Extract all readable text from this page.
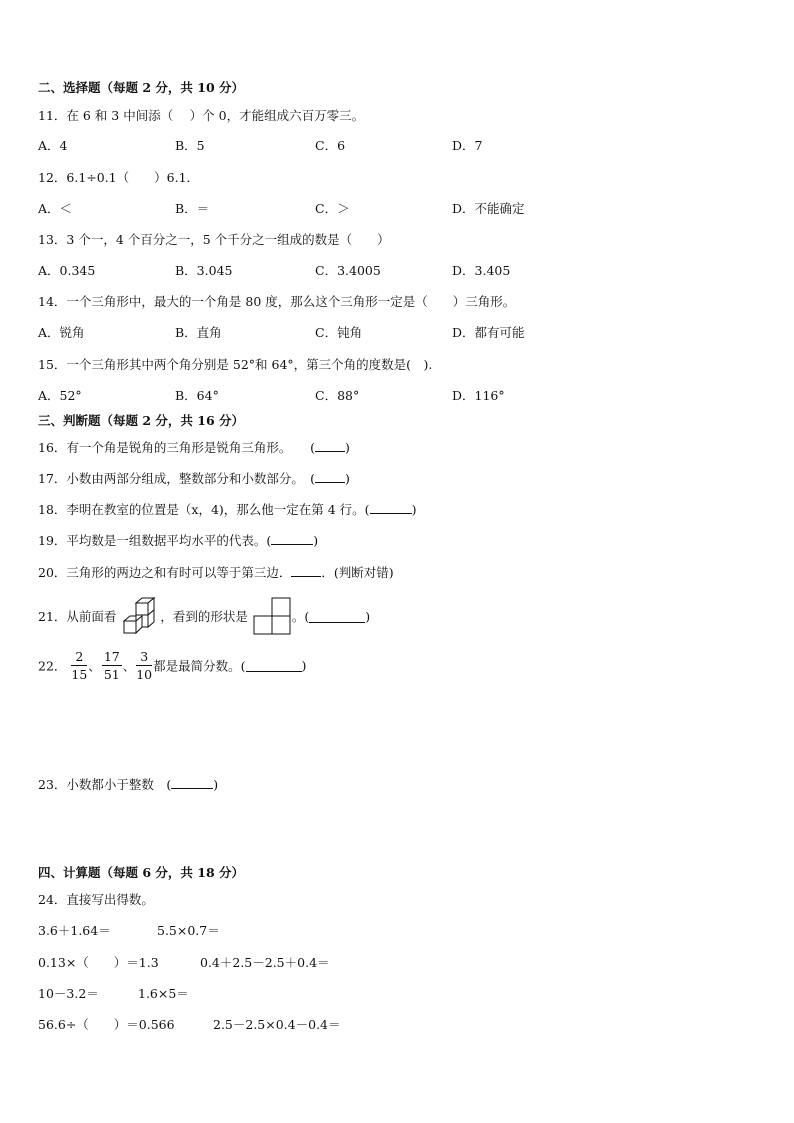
二、选择题（每题 2 分，共 10 分）
11．在 6 和 3 中间添（　 ）个 0，才能组成六百万零三。
A．4	B．5	C．6	D．7
12．6.1÷0.1（　　）6.1．
A．＜	B．＝	C．＞	D．不能确定
13．3 个一，4 个百分之一，5 个千分之一组成的数是（　　）
A．0.345	B．3.045	C．3.4005	D．3.405
14．一个三角形中，最大的一个角是 80 度，那么这个三角形一定是（　　）三角形。
A．锐角	B．直角	C．钝角	D．都有可能
15．一个三角形其中两个角分别是 52°和 64°，第三个角的度数是(　).
A．52°	B．64°	C．88°	D．116°
三、判断题（每题 2 分，共 16 分）
16．有一个角是锐角的三角形是锐角三角形。　　( )
17．小数由两部分组成，整数部分和小数部分。　( )
18．李明在教室的位置是（x，4)，那么他一定在第 4 行。(	)
19．平均数是一组数据平均水平的代表。(	)
20．三角形的两边之和有时可以等于第三边． ．(判断对错)
21．从前面看	，看到的形状是	。(	)
22． $\frac{2}{15}$ 、 $\frac{17}{51}$ 、 $\frac{3}{10}$ 都是最简分数。(	)
23．小数都小于整数　(	)
四、计算题（每题 6 分，共 18 分）
24．直接写出得数。
3.6＋1.64＝	5.5×0.7＝
0.13×（　　）＝1.3	0.4＋2.5－2.5＋0.4＝
10－3.2＝	1.6×5＝
56.6÷（　　）＝0.566	2.5－2.5×0.4－0.4＝
